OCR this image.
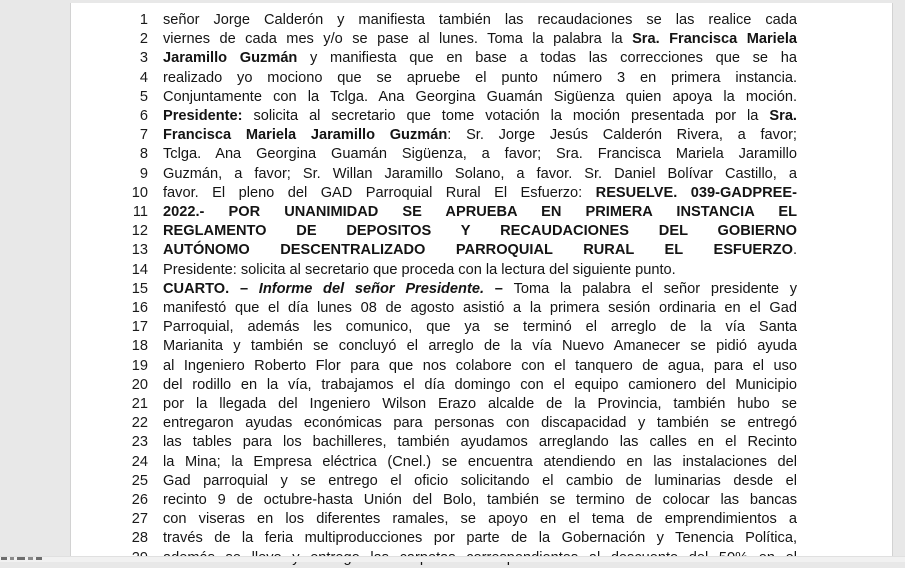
1 señor Jorge Calderón y manifiesta también las recaudaciones se las realice cada
2 viernes de cada mes y/o se pase al lunes. Toma la palabra la Sra. Francisca Mariela
3 Jaramillo Guzmán y manifiesta que en base a todas las correcciones que se ha
4 realizado yo mociono que se apruebe el punto número 3 en primera instancia.
5 Conjuntamente con la Tclga. Ana Georgina Guamán Sigüenza quien apoya la moción.
6 Presidente: solicita al secretario que tome votación la moción presentada por la Sra.
7 Francisca Mariela Jaramillo Guzmán: Sr. Jorge Jesús Calderón Rivera, a favor;
8 Tclga. Ana Georgina Guamán Sigüenza, a favor; Sra. Francisca Mariela Jaramillo
9 Guzmán, a favor; Sr. Willan Jaramillo Solano, a favor. Sr. Daniel Bolívar Castillo, a
10 favor. El pleno del GAD Parroquial Rural El Esfuerzo: RESUELVE. 039-GADPREE-
11 2022.- POR UNANIMIDAD SE APRUEBA EN PRIMERA INSTANCIA EL
12 REGLAMENTO DE DEPOSITOS Y RECAUDACIONES DEL GOBIERNO
13 AUTÓNOMO DESCENTRALIZADO PARROQUIAL RURAL EL ESFUERZO.
14 Presidente: solicita al secretario que proceda con la lectura del siguiente punto.
15 CUARTO. – Informe del señor Presidente. – Toma la palabra el señor presidente y
16 manifestó que el día lunes 08 de agosto asistió a la primera sesión ordinaria en el Gad
17 Parroquial, además les comunico, que ya se terminó el arreglo de la vía Santa
18 Marianita y también se concluyó el arreglo de la vía Nuevo Amanecer se pidió ayuda
19 al Ingeniero Roberto Flor para que nos colabore con el tanquero de agua, para el uso
20 del rodillo en la vía, trabajamos el día domingo con el equipo camionero del Municipio
21 por la llegada del Ingeniero Wilson Erazo alcalde de la Provincia, también hubo se
22 entregaron ayudas económicas para personas con discapacidad y también se entregó
23 las tables para los bachilleres, también ayudamos arreglando las calles en el Recinto
24 la Mina; la Empresa eléctrica (Cnel.) se encuentra atendiendo en las instalaciones del
25 Gad parroquial y se entrego el oficio solicitando el cambio de luminarias desde el
26 recinto 9 de octubre-hasta Unión del Bolo, también se termino de colocar las bancas
27 con viseras en los diferentes ramales, se apoyo en el tema de emprendimientos a
28 través de la feria multiproducciones por parte de la Gobernación y Tenencia Política,
